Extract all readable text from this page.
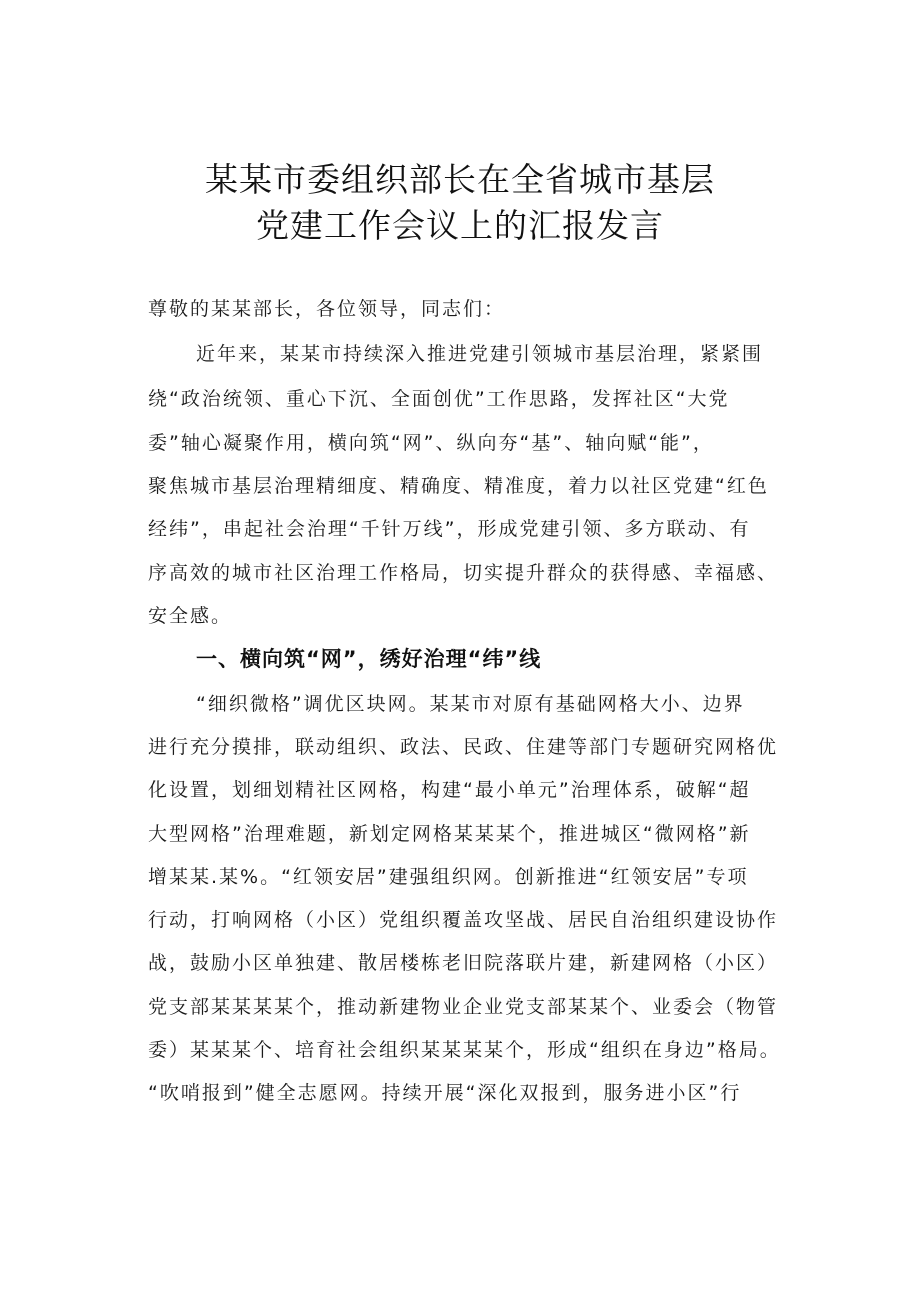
某某市委组织部长在全省城市基层
党建工作会议上的汇报发言
尊敬的某某部长，各位领导，同志们：
近年来，某某市持续深入推进党建引领城市基层治理，紧紧围
绕“政治统领、重心下沉、全面创优”工作思路，发挥社区“大党
委”轴心凝聚作用，横向筑“网”、纵向夯“基”、轴向赋“能”，
聚焦城市基层治理精细度、精确度、精准度，着力以社区党建“红色
经纬”，串起社会治理“千针万线”，形成党建引领、多方联动、有
序高效的城市社区治理工作格局，切实提升群众的获得感、幸福感、
安全感。
一、横向筑“网”，绣好治理“纬”线
“细织微格”调优区块网。某某市对原有基础网格大小、边界
进行充分摸排，联动组织、政法、民政、住建等部门专题研究网格优
化设置，划细划精社区网格，构建“最小单元”治理体系，破解“超
大型网格”治理难题，新划定网格某某某个，推进城区“微网格”新
增某某.某%。“红领安居”建强组织网。创新推进“红领安居”专项
行动，打响网格（小区）党组织覆盖攻坚战、居民自治组织建设协作
战，鼓励小区单独建、散居楼栋老旧院落联片建，新建网格（小区）
党支部某某某某个，推动新建物业企业党支部某某个、业委会（物管
委）某某某个、培育社会组织某某某某个，形成“组织在身边”格局。
“吹哨报到”健全志愿网。持续开展“深化双报到，服务进小区”行
